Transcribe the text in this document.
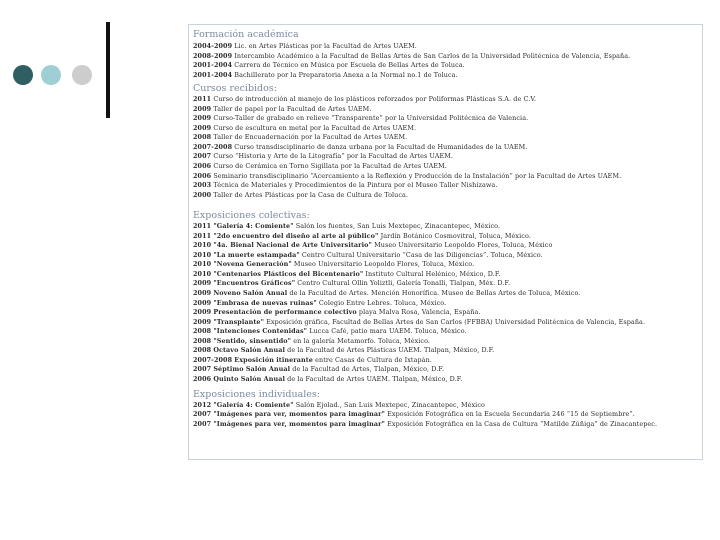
Formación académica

2004-2009 Lic. en Artes Plásticas por la Facultad de Artes UAEM.
2008-2009 Intercambio Académico a la Facultad de Bellas Artes de San Carlos de la Universidad Politécnica de Valencia, España.
2001-2004 Carrera de Técnico en Música por Escuela de Bellas Artes de Toluca.
2001-2004 Bachillerato por la Preparatoria Anexa a la Normal no.1 de Toluca.

Cursos recibidos:

2011 Curso de introducción al manejo de los plásticos reforzados por Poliformas Plásticas S.A. de C.V.
2009 Taller de papel por la Facultad de Artes UAEM.
2009 Curso-Taller de grabado en relieve “Transparente” por la Universidad Politécnica de Valencia.
2009 Curso de escultura en metal por la Facultad de Artes UAEM.
2008 Taller de Encuadernación por la Facultad de Artes UAEM.
2007-2008 Curso transdisciplinario de danza urbana por la Facultad de Humanidades de la UAEM.
2007 Curso “Historia y Arte de la Litografía” por la Facultad de Artes UAEM.
2006 Curso de Cerámica en Torno Sigillata por la Facultad de Artes UAEM.
2006 Seminario transdisciplinario “Acercamiento a la Reflexión y Producción de la Instalación” por la Facultad de Artes UAEM.
2003 Técnica de Materiales y Procedimientos de la Pintura por el Museo Taller Nishizawa.
2000 Taller de Artes Plásticas por la Casa de Cultura de Toluca.

Exposiciones colectivas:

2011 "Galería 4: Comiente" Salón los fuentes, San Luis Mextepec, Zinacantepec, México.
2011 "2do encuentro del diseño al arte al público" Jardín Botánico Cosmovitral, Toluca, México.
2010 "4a. Bienal Nacional de Arte Universitario" Museo Universitario Leopoldo Flores, Toluca, México
2010 "La muerte estampada" Centro Cultural Universitario “Casa de las Diligencias”. Toluca, México.
2010 "Novena Generación" Museo Universitario Leopoldo Flores, Toluca, México.
2010 "Centenarios Plásticos del Bicentenario" Instituto Cultural Helénico, México, D.F.
2009 "Encuentros Gráficos" Centro Cultural Ollin Yoliztli, Galería Tonalli, Tlalpan, Méx. D.F.
2009 Noveno Salón Anual de la Facultad de Artes. Mención Honorífica. Museo de Bellas Artes de Toluca, México.
2009 "Embrasa de nuevas ruinas" Colegio Entre Lebres. Toluca, México.
2009 Presentación de performance colectivo playa Malva Rosa, Valencia, España.
2009 "Transplante" Exposición gráfica, Facultad de Bellas Artes de San Carlos (FFBBA) Universidad Politécnica de Valencia, España.
2008 "Intenciones Contenidas" Lucca Café, patio mara UAEM. Toluca, México.
2008 "Sentido, sinsentido" en la galería Metamorfo. Toluca, México.
2008 Octavo Salón Anual de la Facultad de Artes Plásticas UAEM. Tlalpan, México, D.F.
2007-2008 Exposición itinerante entre Casas de Cultura de Ixtapán.
2007 Séptimo Salón Anual de la Facultad de Artes, Tlalpan, México, D.F.
2006 Quinto Salón Anual de la Facultad de Artes UAEM. Tlalpan, México, D.F.

Exposiciones individuales:

2012 "Galería 4: Comiente" Salón Ejolad., San Luis Mextepec, Zinacantepec, México
2007 "Imágenes para ver, momentos para imaginar" Exposición Fotográfica en la Escuela Secundaria 246 “15 de Septiembre”.
2007 "Imágenes para ver, momentos para imaginar" Exposición Fotográfica en la Casa de Cultura “Matilde Zúñiga” de Zinacantepec.
